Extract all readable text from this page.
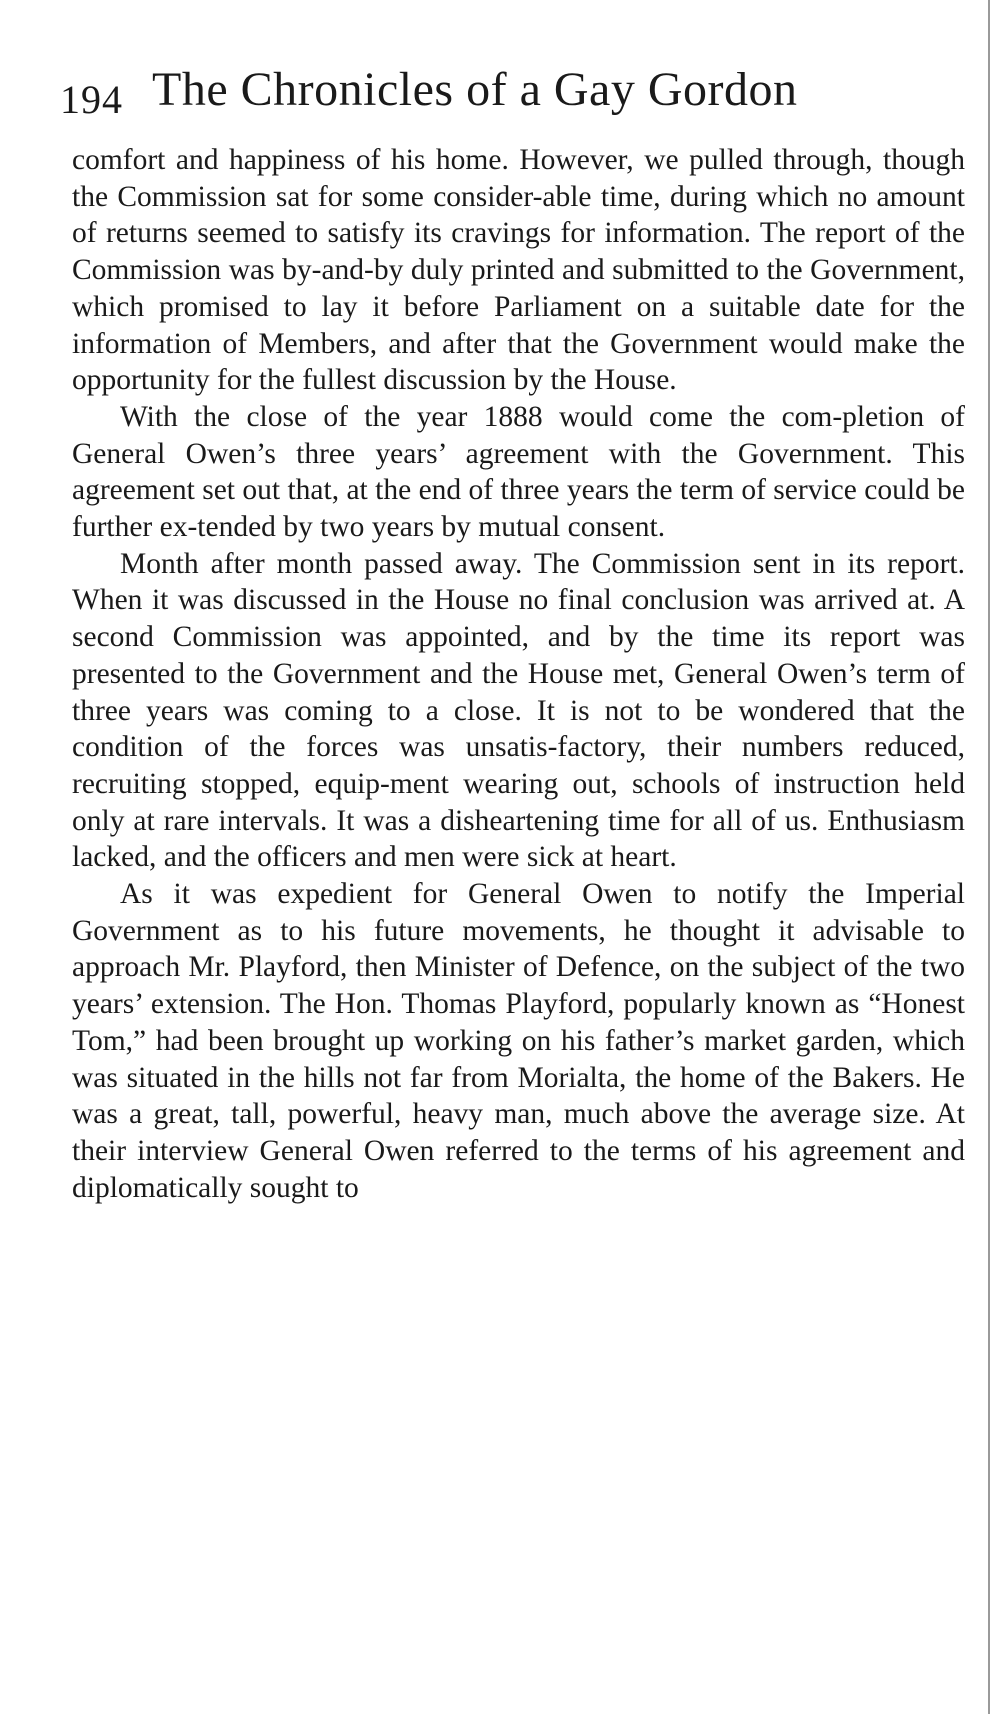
194 The Chronicles of a Gay Gordon

comfort and happiness of his home. However, we pulled through, though the Commission sat for some consider-able time, during which no amount of returns seemed to satisfy its cravings for information. The report of the Commission was by-and-by duly printed and submitted to the Government, which promised to lay it before Parliament on a suitable date for the information of Members, and after that the Government would make the opportunity for the fullest discussion by the House.

With the close of the year 1888 would come the com-pletion of General Owen’s three years’ agreement with the Government. This agreement set out that, at the end of three years the term of service could be further ex-tended by two years by mutual consent.

Month after month passed away. The Commission sent in its report. When it was discussed in the House no final conclusion was arrived at. A second Commission was appointed, and by the time its report was presented to the Government and the House met, General Owen’s term of three years was coming to a close. It is not to be wondered that the condition of the forces was unsatis-factory, their numbers reduced, recruiting stopped, equip-ment wearing out, schools of instruction held only at rare intervals. It was a disheartening time for all of us. Enthusiasm lacked, and the officers and men were sick at heart.

As it was expedient for General Owen to notify the Imperial Government as to his future movements, he thought it advisable to approach Mr. Playford, then Minister of Defence, on the subject of the two years’ extension. The Hon. Thomas Playford, popularly known as “Honest Tom,” had been brought up working on his father’s market garden, which was situated in the hills not far from Morialta, the home of the Bakers. He was a great, tall, powerful, heavy man, much above the average size. At their interview General Owen referred to the terms of his agreement and diplomatically sought to
